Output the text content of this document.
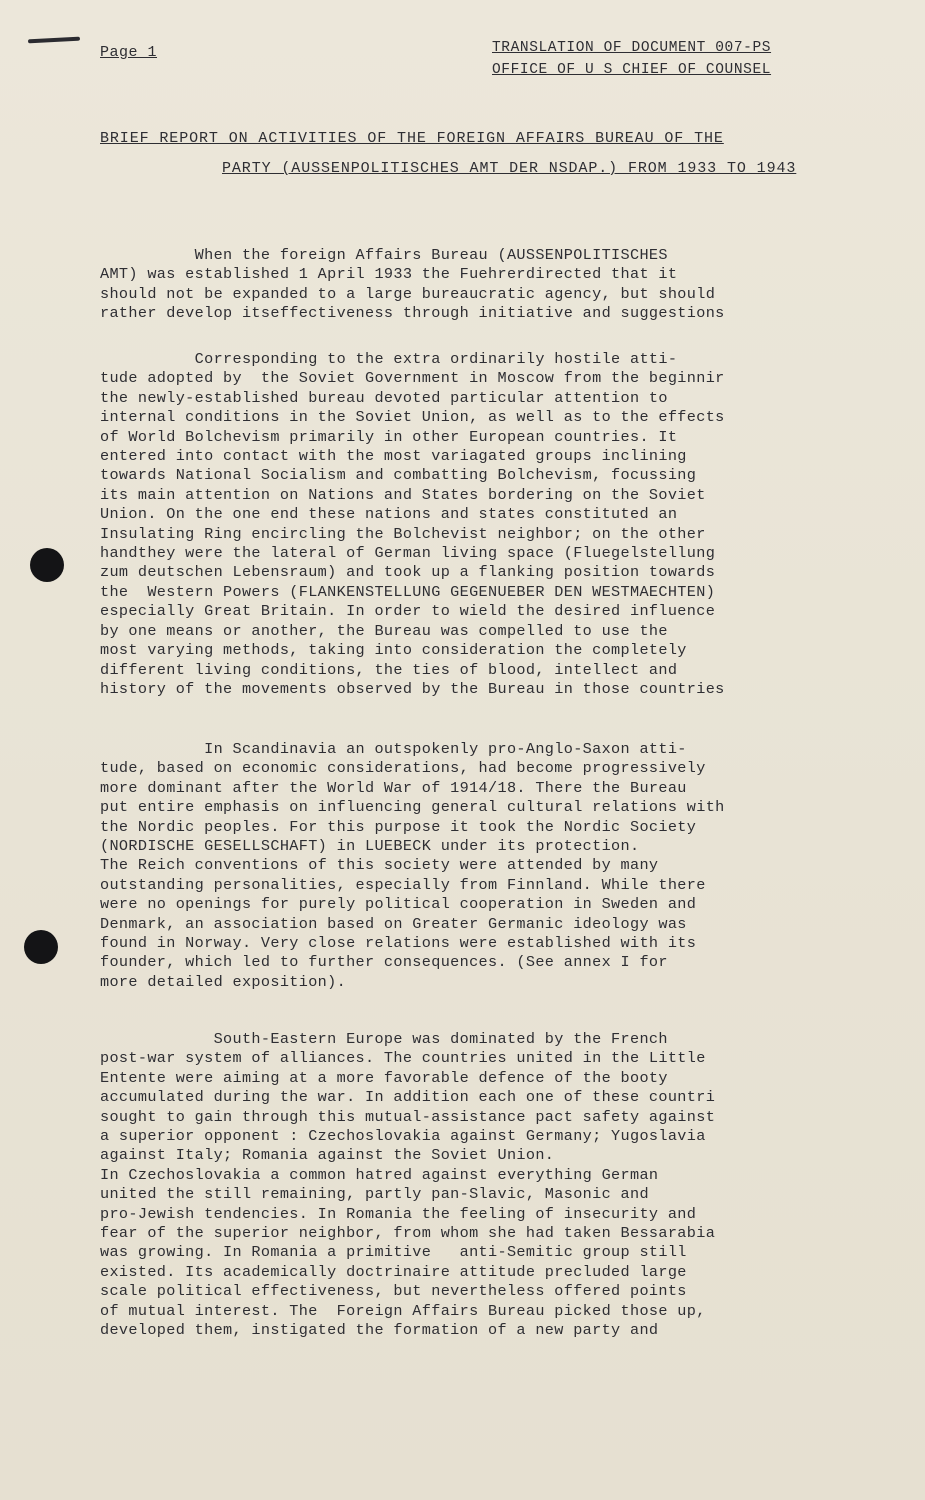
Page 1	TRANSLATION OF DOCUMENT 007-PS
OFFICE OF U S CHIEF OF COUNSEL
BRIEF REPORT ON ACTIVITIES OF THE FOREIGN AFFAIRS BUREAU OF THE
PARTY (AUSSENPOLITISCHES AMT DER NSDAP.) FROM 1933 TO 1943
When the foreign Affairs Bureau (AUSSENPOLITISCHES
AMT) was established 1 April 1933 the Fuehrerdirected that it
should not be expanded to a large bureaucratic agency, but should
rather develop itseffectiveness through initiative and suggestions
Corresponding to the extra ordinarily hostile atti-
tude adopted by  the Soviet Government in Moscow from the beginnir
the newly-established bureau devoted particular attention to
internal conditions in the Soviet Union, as well as to the effects
of World Bolchevism primarily in other European countries. It
entered into contact with the most variagated groups inclining
towards National Socialism and combatting Bolchevism, focussing
its main attention on Nations and States bordering on the Soviet
Union. On the one end these nations and states constituted an
Insulating Ring encircling the Bolchevist neighbor; on the other
handthey were the lateral of German living space (Fluegelstellung
zum deutschen Lebensraum) and took up a flanking position towards
the  Western Powers (FLANKENSTELLUNG GEGENUEBER DEN WESTMAECHTEN)
especially Great Britain. In order to wield the desired influence
by one means or another, the Bureau was compelled to use the
most varying methods, taking into consideration the completely
different living conditions, the ties of blood, intellect and
history of the movements observed by the Bureau in those countries
In Scandinavia an outspokenly pro-Anglo-Saxon atti-
tude, based on economic considerations, had become progressively
more dominant after the World War of 1914/18. There the Bureau
put entire emphasis on influencing general cultural relations with
the Nordic peoples. For this purpose it took the Nordic Society
(NORDISCHE GESELLSCHAFT) in LUEBECK under its protection.
The Reich conventions of this society were attended by many
outstanding personalities, especially from Finnland. While there
were no openings for purely political cooperation in Sweden and
Denmark, an association based on Greater Germanic ideology was
found in Norway. Very close relations were established with its
founder, which led to further consequences. (See annex I for
more detailed exposition).
South-Eastern Europe was dominated by the French
post-war system of alliances. The countries united in the Little
Entente were aiming at a more favorable defence of the booty
accumulated during the war. In addition each one of these countri
sought to gain through this mutual-assistance pact safety against
a superior opponent : Czechoslovakia against Germany; Yugoslavia
against Italy; Romania against the Soviet Union.
In Czechoslovakia a common hatred against everything German
united the still remaining, partly pan-Slavic, Masonic and
pro-Jewish tendencies. In Romania the feeling of insecurity and
fear of the superior neighbor, from whom she had taken Bessarabia
was growing. In Romania a primitive   anti-Semitic group still
existed. Its academically doctrinaire attitude precluded large
scale political effectiveness, but nevertheless offered points
of mutual interest. The  Foreign Affairs Bureau picked those up,
developed them, instigated the formation of a new party and
